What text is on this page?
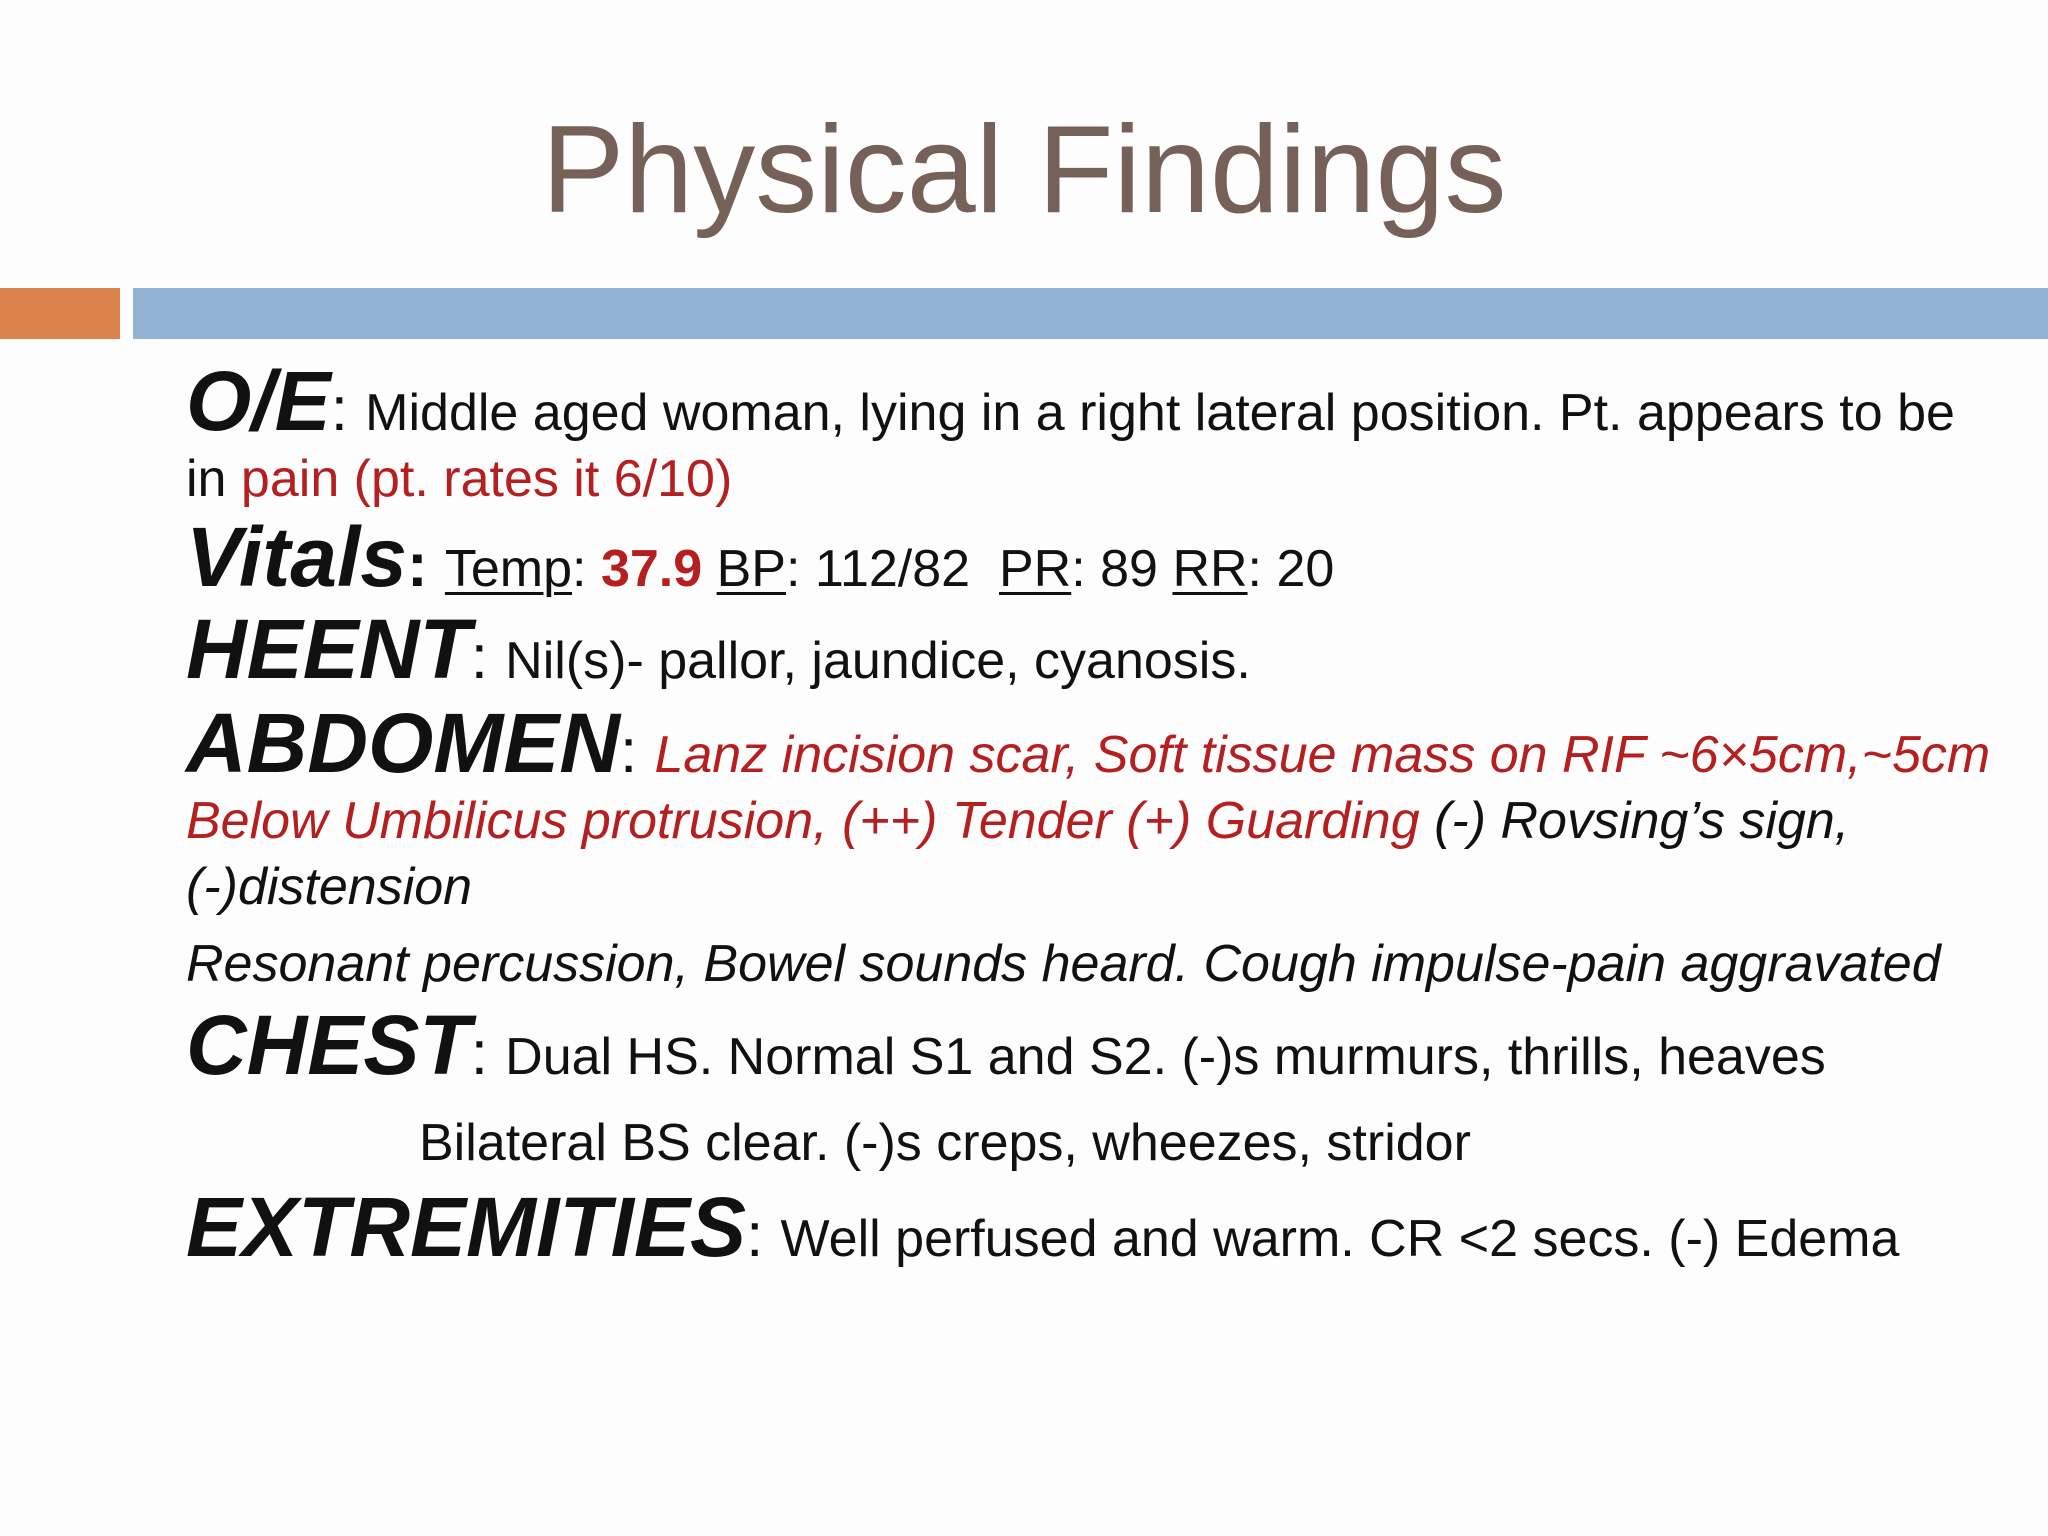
Physical Findings

O/E: Middle aged woman, lying in a right lateral position. Pt. appears to be in pain (pt. rates it 6/10)

Vitals: Temp: 37.9 BP: 112/82 PR: 89 RR: 20

HEENT: Nil(s)- pallor, jaundice, cyanosis.

ABDOMEN: Lanz incision scar, Soft tissue mass on RIF ~6×5cm,~5cm Below Umbilicus protrusion, (++) Tender (+) Guarding (-) Rovsing’s sign, (-)distension

Resonant percussion, Bowel sounds heard. Cough impulse-pain aggravated

CHEST: Dual HS. Normal S1 and S2. (-)s murmurs, thrills, heaves

Bilateral BS clear. (-)s creps, wheezes, stridor

EXTREMITIES: Well perfused and warm. CR <2 secs. (-) Edema
